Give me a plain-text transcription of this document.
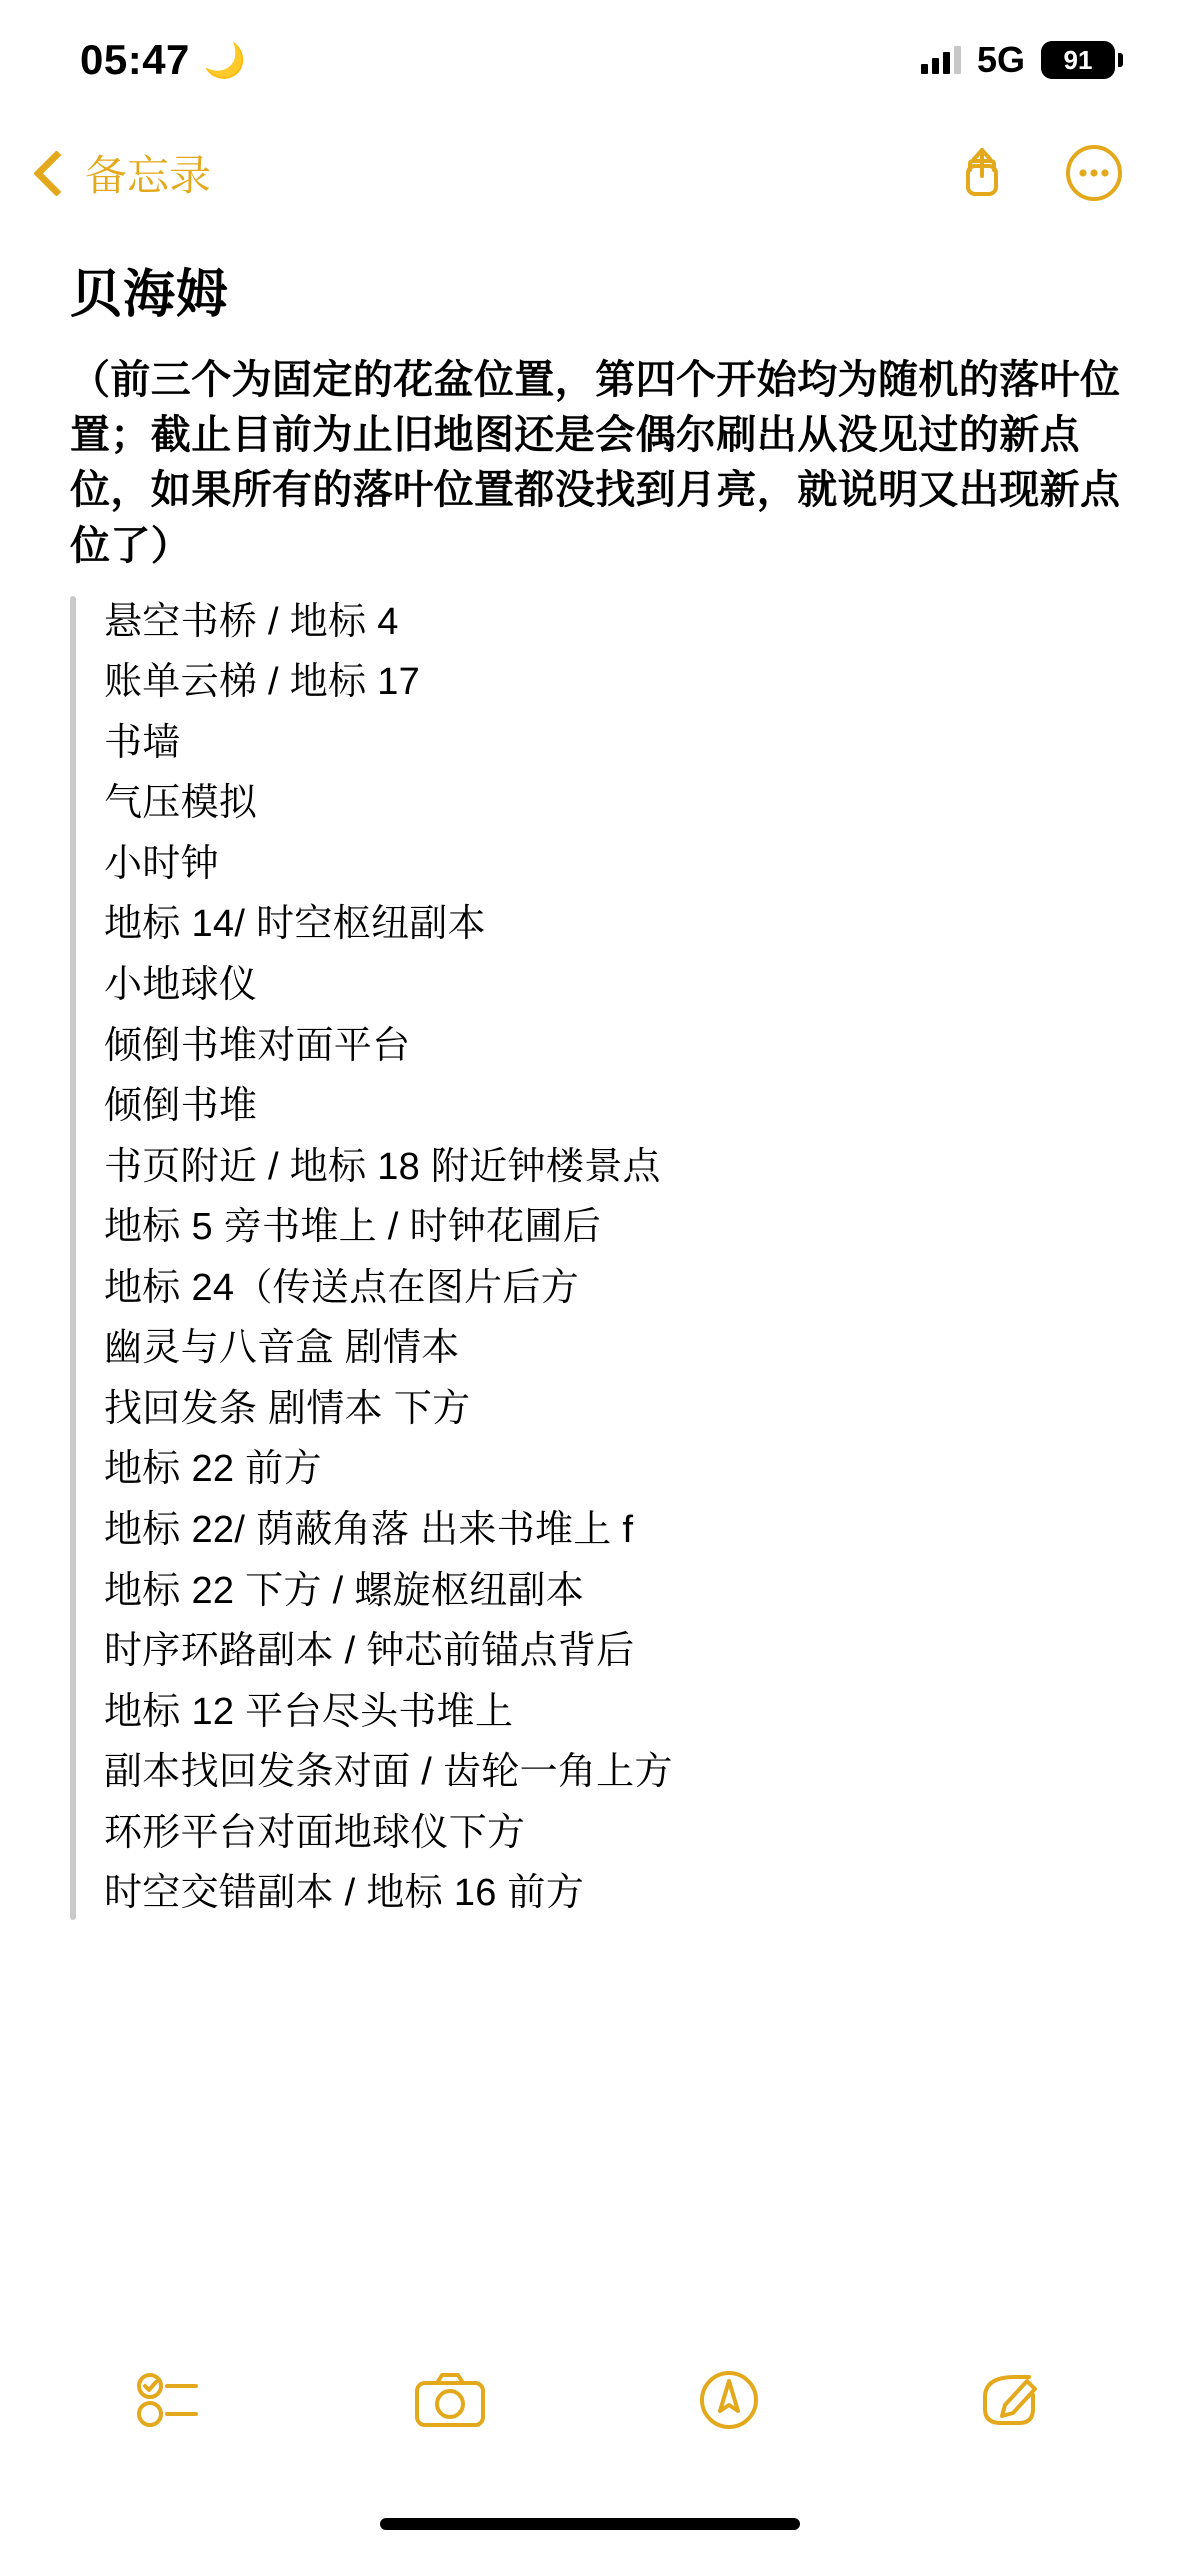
05:47 🌙	5G 91
备忘录
贝海姆
（前三个为固定的花盆位置，第四个开始均为随机的落叶位置；截止目前为止旧地图还是会偶尔刷出从没见过的新点位，如果所有的落叶位置都没找到月亮，就说明又出现新点位了）
悬空书桥 / 地标 4
账单云梯 / 地标 17
书墙
气压模拟
小时钟
地标 14/ 时空枢纽副本
小地球仪
倾倒书堆对面平台
倾倒书堆
书页附近 / 地标 18 附近钟楼景点
地标 5 旁书堆上 / 时钟花圃后
地标 24（传送点在图片后方
幽灵与八音盒 剧情本
找回发条 剧情本 下方
地标 22 前方
地标 22/ 荫蔽角落 出来书堆上 f
地标 22 下方 / 螺旋枢纽副本
时序环路副本 / 钟芯前锚点背后
地标 12 平台尽头书堆上
副本找回发条对面 / 齿轮一角上方
环形平台对面地球仪下方
时空交错副本 / 地标 16 前方
